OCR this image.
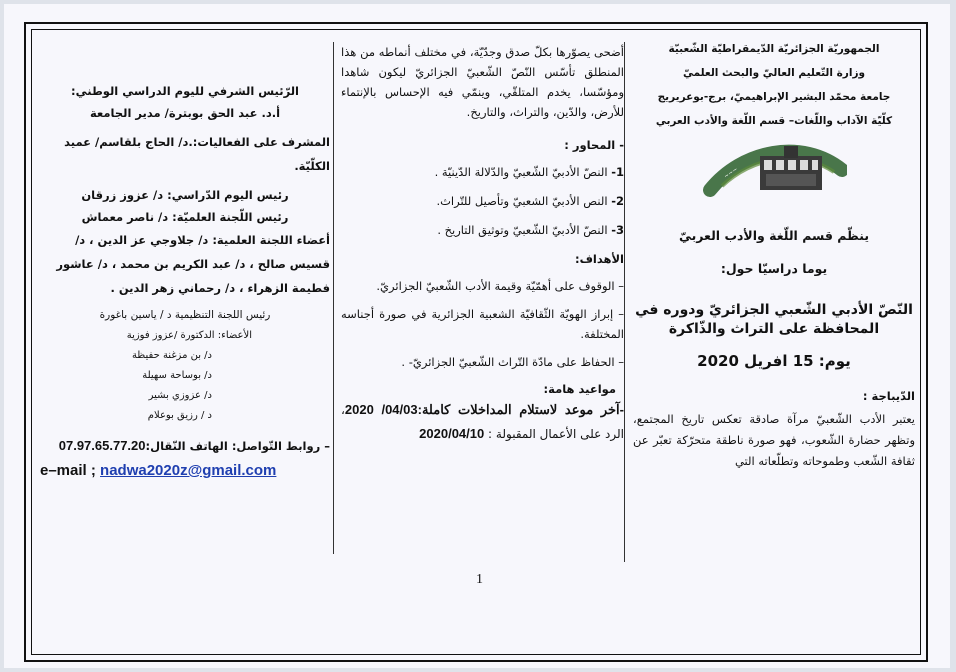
الجمهوريّة الجزائريّة الدّيمقراطيّة الشّعبيّة

وزارة التّعليم العاليّ والبحث العلميّ

جامعة محمّد البشير الإبراهيميّ، برج-بوعريريج

كلّيّة الآداب واللّغات– قسم اللّغة والأدب العربي

~~~

ينظّم قسم اللّغة والأدب العربيّ

يوما دراسيّا حول:

النّصّ الأدبي الشّعبي الجزائريّ ودوره في المحافظة على التراث والذّاكرة

يوم: 15 افريل 2020

الدّيباجة :

يعتبر الأدب الشّعبيّ مرآة صادقة تعكس تاريخ المجتمع، وتظهر حضارة الشّعوب، فهو صورة ناطقة متحرّكة تعبّر عن ثقافة الشّعب وطموحاته وتطلّعاته التي

أضحى يصوّرها بكلّ صدق وجدّيّة، في مختلف أنماطه من هذا المنطلق تأسّس النّصّ الشّعبيّ الجزائريّ ليكون شاهدا ومؤسّسا، يخدم المتلقّي، وينمّي فيه الإحساس بالإنتماء للأرض، والدّين، والتراث، والتاريخ.

- المحاور :

1- النصّ الأدبيّ الشّعبيّ والدّلالة الدّينيّة .

2- النص الأدبيّ الشعبيّ وتأصيل للتّراث.

3- النصّ الأدبيّ الشّعبيّ وتوثيق التاريخ .

الأهداف:

– الوقوف على أهمّيّة وقيمة الأدب الشّعبيّ الجزائريّ.

– إبراز الهويّة الثّقافيّة الشعبية الجزائرية في صورة أجناسه المختلفة.

– الحفاظ على مادّة التّراث الشّعبيّ الجزائريّ- .

مواعيد هامة:

-آخر موعد لاستلام المداخلات كاملة:04/03/ 2020، الرد على الأعمال المقبولة : 2020/04/10

الرّئيس الشرفي لليوم الدراسي الوطني:

أ.د. عبد الحق بوبترة/ مدير الجامعة

المشرف على الفعاليات:.د/ الحاج بلقاسم/ عميد الكلّيّة.

رئيس اليوم الدّراسي: د/ عزوز زرقان

رئيس اللّجنة العلميّة: د/ ناصر معماش

أعضاء اللجنة العلمية: د/ جلاوجي عز الدين ، د/ قسيس صالح ، د/ عبد الكريم بن محمد ، د/ عاشور فطيمة الزهراء ، د/ رحماني زهر الدين .

رئيس اللجنة التنظيمية د / ياسين باغورة

الأعضاء: الدكتورة /عزوز فوزية

د/ بن مزغنة حفيظة

د/ بوساحة سهيلة

د/ عزوزي بشير

د / رزيق بوعلام

– روابط التّواصل: الهاتف النّقال:07.97.65.77.20

e–mail ; nadwa2020z@gmail.com

1
